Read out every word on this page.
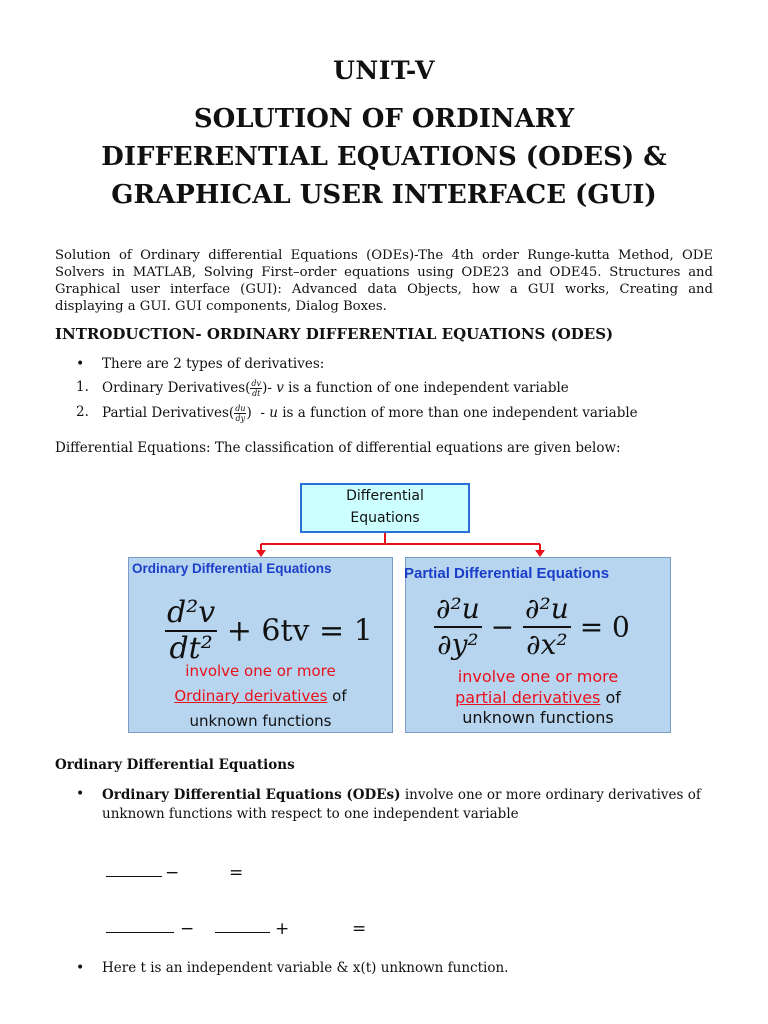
UNIT-V
SOLUTION OF ORDINARY
DIFFERENTIAL EQUATIONS (ODES) &
GRAPHICAL USER INTERFACE (GUI)
Solution of Ordinary differential Equations (ODEs)-The 4th order Runge-kutta Method, ODE Solvers in MATLAB, Solving First–order equations using ODE23 and ODE45. Structures and Graphical user interface (GUI): Advanced data Objects, how a GUI works, Creating and displaying a GUI. GUI components, Dialog Boxes.
INTRODUCTION- ORDINARY DIFFERENTIAL EQUATIONS (ODES)
• There are 2 types of derivatives:
1. Ordinary Derivatives( $\frac{dv}{dt}$ )- v is a function of one independent variable
2. Partial Derivatives( $\frac{du}{dy}$ )  - u is a function of more than one independent variable
Differential Equations: The classification of differential equations are given below:
Differential
Equations
Ordinary Differential Equations
$\frac{\text{d²v}}{\text{dt²}} + 6tv = 1$
involve one or more
Ordinary derivatives of
unknown functions
Partial Differential Equations
$\frac{\text{∂²u}}{\text{∂y²}} - \frac{\text{∂²u}}{\text{∂x²}} = 0$
involve one or more
partial derivatives of
unknown functions
Ordinary Differential Equations
• Ordinary Differential Equations (ODEs) involve one or more ordinary derivatives of unknown functions with respect to one independent variable
−	=
−	+	=
• Here t is an independent variable & x(t) unknown function.
